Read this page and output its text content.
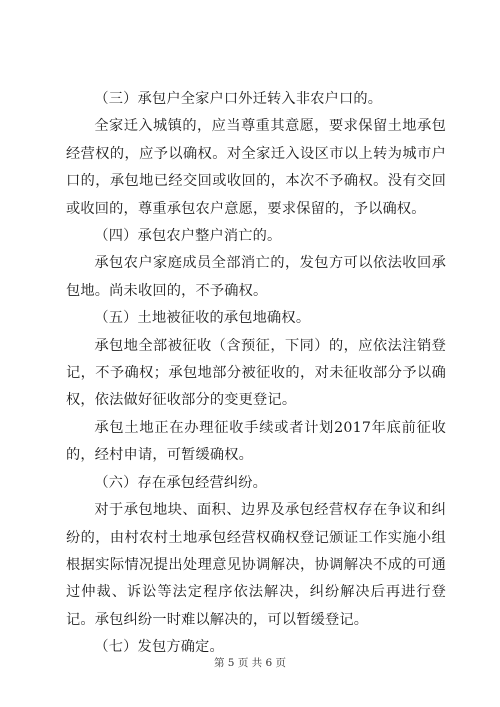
（三）承包户全家户口外迁转入非农户口的。

全家迁入城镇的，应当尊重其意愿，要求保留土地承包经营权的，应予以确权。对全家迁入设区市以上转为城市户口的，承包地已经交回或收回的，本次不予确权。没有交回或收回的，尊重承包农户意愿，要求保留的，予以确权。

（四）承包农户整户消亡的。

承包农户家庭成员全部消亡的，发包方可以依法收回承包地。尚未收回的，不予确权。

（五）土地被征收的承包地确权。

承包地全部被征收（含预征，下同）的，应依法注销登记，不予确权；承包地部分被征收的，对未征收部分予以确权，依法做好征收部分的变更登记。

承包土地正在办理征收手续或者计划2017年底前征收的，经村申请，可暂缓确权。

（六）存在承包经营纠纷。

对于承包地块、面积、边界及承包经营权存在争议和纠纷的，由村农村土地承包经营权确权登记颁证工作实施小组根据实际情况提出处理意见协调解决，协调解决不成的可通过仲裁、诉讼等法定程序依法解决，纠纷解决后再进行登记。承包纠纷一时难以解决的，可以暂缓登记。

（七）发包方确定。

第 5 页 共 6 页
